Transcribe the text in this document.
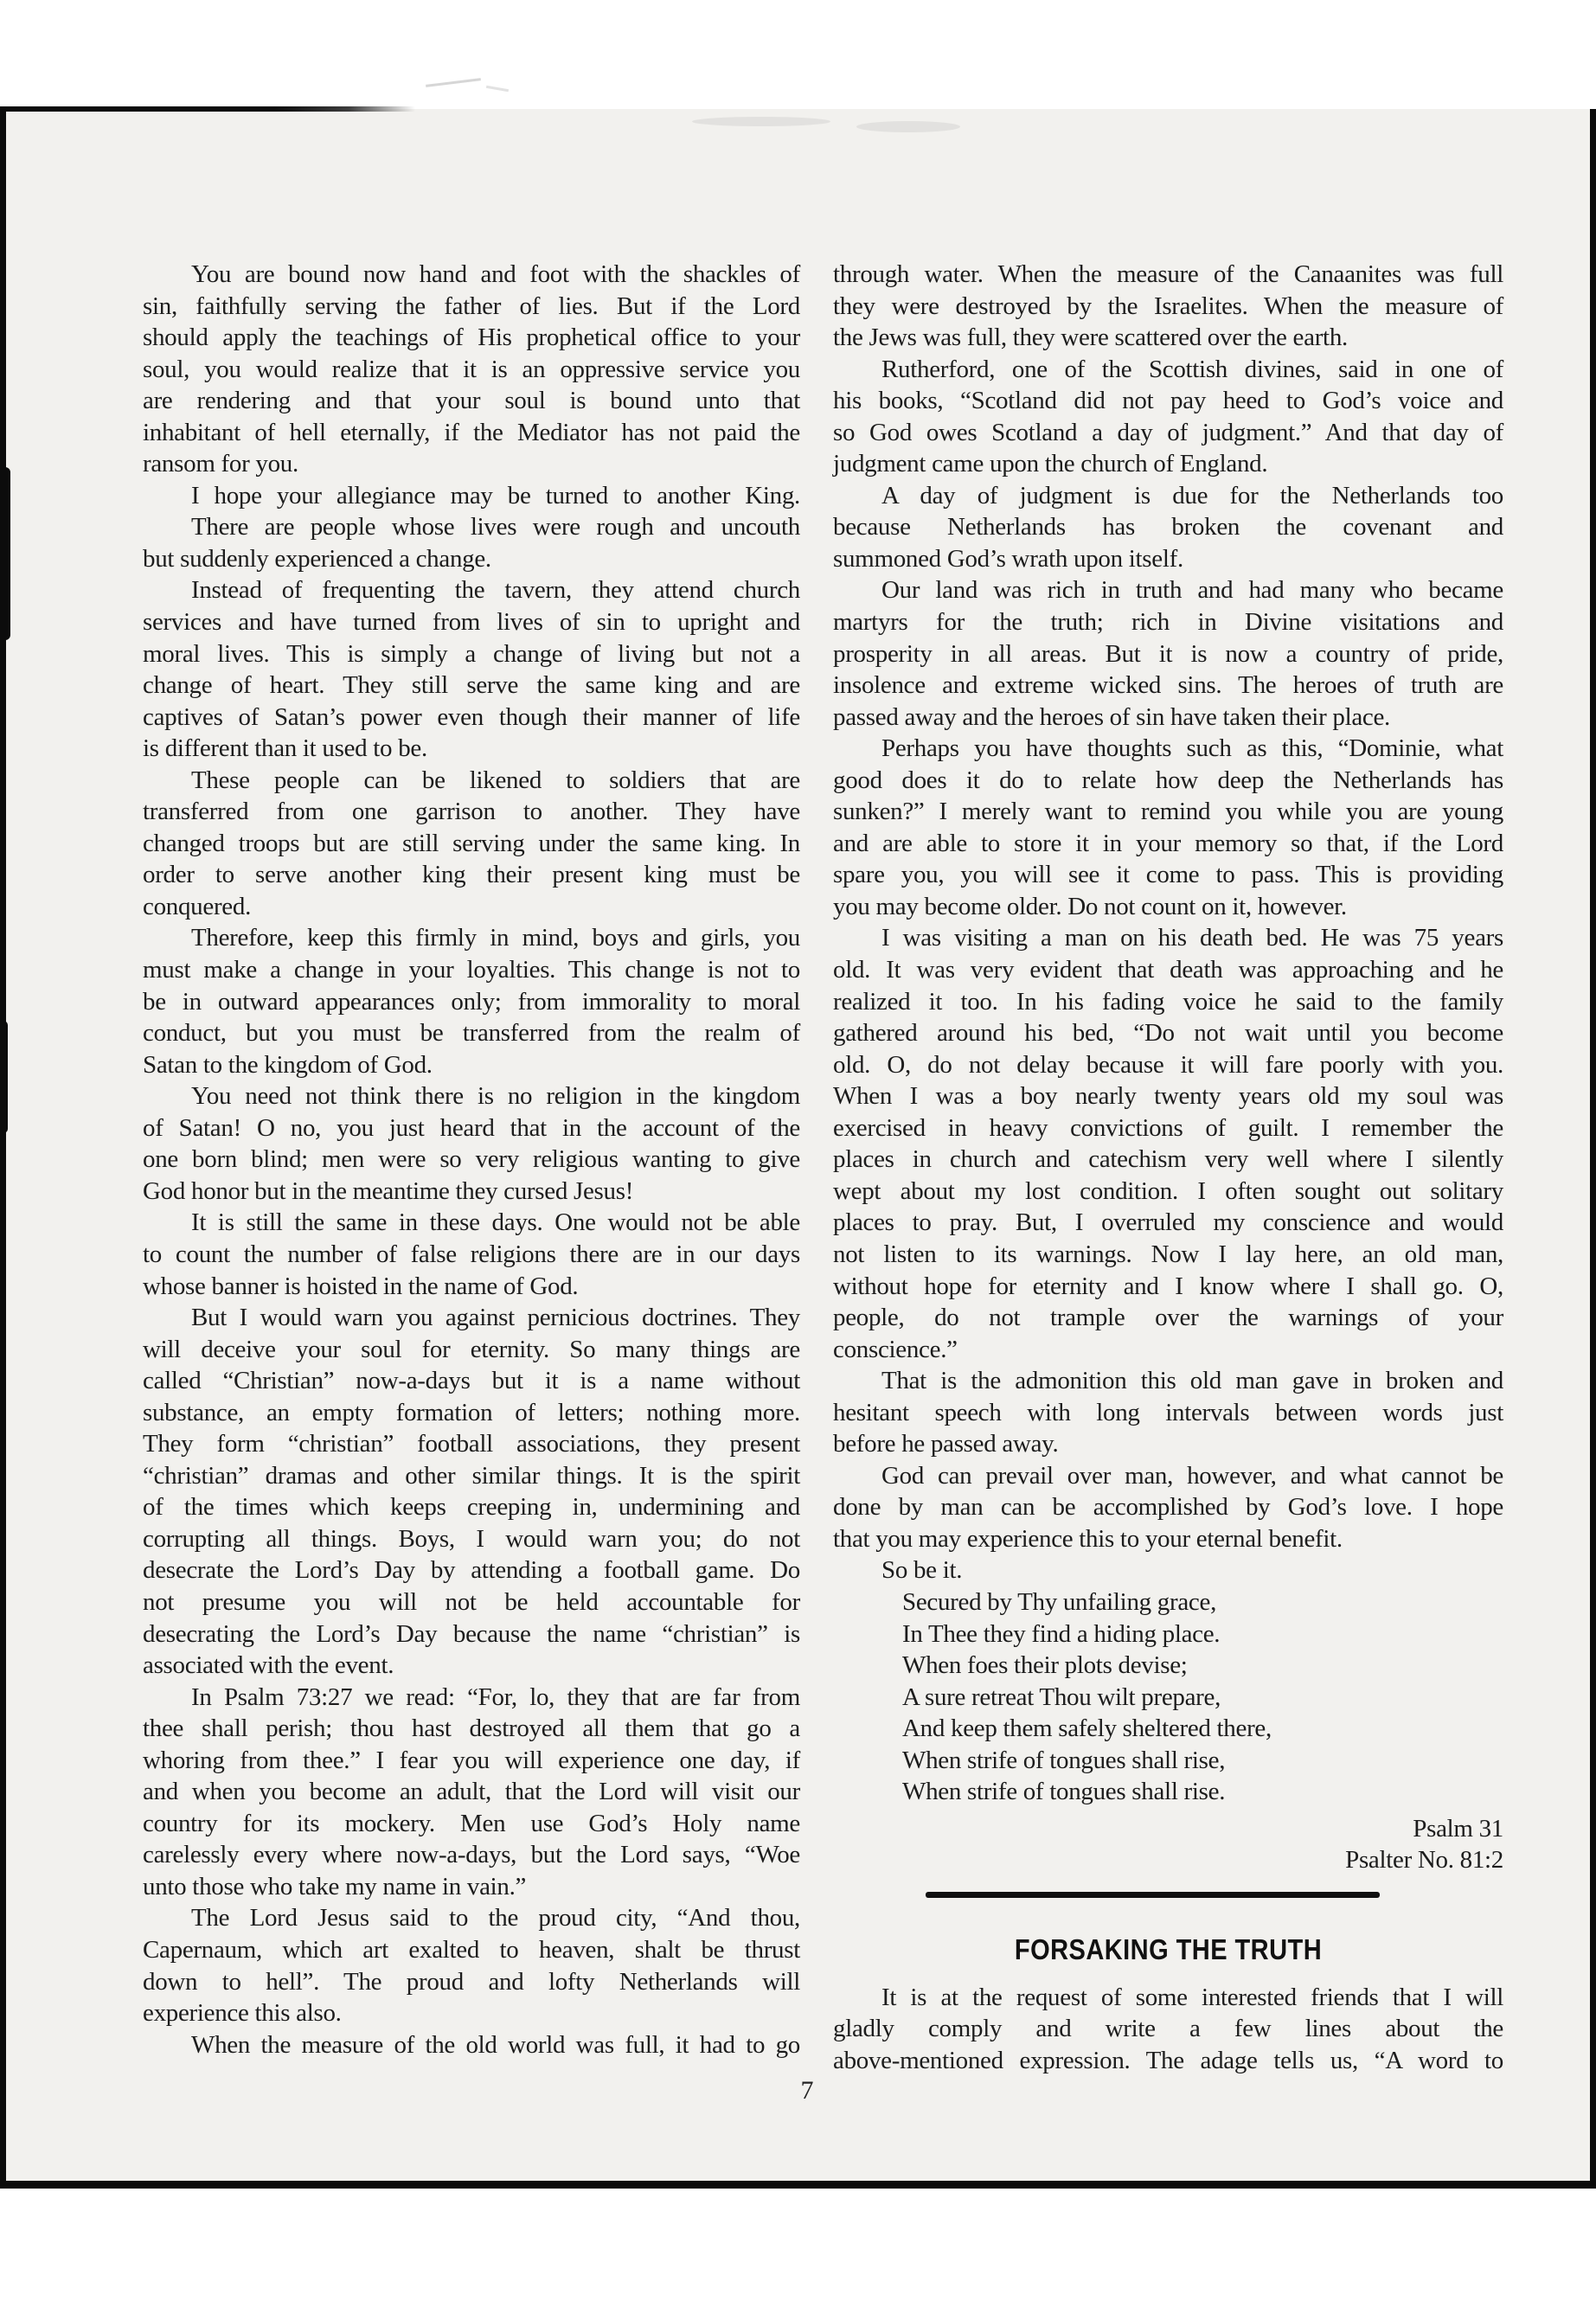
You are bound now hand and foot with the shackles of
sin, faithfully serving the father of lies. But if the Lord
should apply the teachings of His prophetical office to your
soul, you would realize that it is an oppressive service you
are rendering and that your soul is bound unto that
inhabitant of hell eternally, if the Mediator has not paid the
ransom for you.
I hope your allegiance may be turned to another King.
There are people whose lives were rough and uncouth
but suddenly experienced a change.
Instead of frequenting the tavern, they attend church
services and have turned from lives of sin to upright and
moral lives. This is simply a change of living but not a
change of heart. They still serve the same king and are
captives of Satan’s power even though their manner of life
is different than it used to be.
These people can be likened to soldiers that are
transferred from one garrison to another. They have
changed troops but are still serving under the same king. In
order to serve another king their present king must be
conquered.
Therefore, keep this firmly in mind, boys and girls, you
must make a change in your loyalties. This change is not to
be in outward appearances only; from immorality to moral
conduct, but you must be transferred from the realm of
Satan to the kingdom of God.
You need not think there is no religion in the kingdom
of Satan! O no, you just heard that in the account of the
one born blind; men were so very religious wanting to give
God honor but in the meantime they cursed Jesus!
It is still the same in these days. One would not be able
to count the number of false religions there are in our days
whose banner is hoisted in the name of God.
But I would warn you against pernicious doctrines. They
will deceive your soul for eternity. So many things are
called “Christian” now-a-days but it is a name without
substance, an empty formation of letters; nothing more.
They form “christian” football associations, they present
“christian” dramas and other similar things. It is the spirit
of the times which keeps creeping in, undermining and
corrupting all things. Boys, I would warn you; do not
desecrate the Lord’s Day by attending a football game. Do
not presume you will not be held accountable for
desecrating the Lord’s Day because the name “christian” is
associated with the event.
In Psalm 73:27 we read: “For, lo, they that are far from
thee shall perish; thou hast destroyed all them that go a
whoring from thee.” I fear you will experience one day, if
and when you become an adult, that the Lord will visit our
country for its mockery. Men use God’s Holy name
carelessly every where now-a-days, but the Lord says, “Woe
unto those who take my name in vain.”
The Lord Jesus said to the proud city, “And thou,
Capernaum, which art exalted to heaven, shalt be thrust
down to hell”. The proud and lofty Netherlands will
experience this also.
When the measure of the old world was full, it had to go
through water. When the measure of the Canaanites was full
they were destroyed by the Israelites. When the measure of
the Jews was full, they were scattered over the earth.
Rutherford, one of the Scottish divines, said in one of
his books, “Scotland did not pay heed to God’s voice and
so God owes Scotland a day of judgment.” And that day of
judgment came upon the church of England.
A day of judgment is due for the Netherlands too
because Netherlands has broken the covenant and
summoned God’s wrath upon itself.
Our land was rich in truth and had many who became
martyrs for the truth; rich in Divine visitations and
prosperity in all areas. But it is now a country of pride,
insolence and extreme wicked sins. The heroes of truth are
passed away and the heroes of sin have taken their place.
Perhaps you have thoughts such as this, “Dominie, what
good does it do to relate how deep the Netherlands has
sunken?” I merely want to remind you while you are young
and are able to store it in your memory so that, if the Lord
spare you, you will see it come to pass. This is providing
you may become older. Do not count on it, however.
I was visiting a man on his death bed. He was 75 years
old. It was very evident that death was approaching and he
realized it too. In his fading voice he said to the family
gathered around his bed, “Do not wait until you become
old. O, do not delay because it will fare poorly with you.
When I was a boy nearly twenty years old my soul was
exercised in heavy convictions of guilt. I remember the
places in church and catechism very well where I silently
wept about my lost condition. I often sought out solitary
places to pray. But, I overruled my conscience and would
not listen to its warnings. Now I lay here, an old man,
without hope for eternity and I know where I shall go. O,
people, do not trample over the warnings of your
conscience.”
That is the admonition this old man gave in broken and
hesitant speech with long intervals between words just
before he passed away.
God can prevail over man, however, and what cannot be
done by man can be accomplished by God’s love. I hope
that you may experience this to your eternal benefit.
So be it.
Secured by Thy unfailing grace,
In Thee they find a hiding place.
When foes their plots devise;
A sure retreat Thou wilt prepare,
And keep them safely sheltered there,
When strife of tongues shall rise,
When strife of tongues shall rise.
Psalm 31
Psalter No. 81:2
FORSAKING THE TRUTH
It is at the request of some interested friends that I will
gladly comply and write a few lines about the
above-mentioned expression. The adage tells us, “A word to
7
